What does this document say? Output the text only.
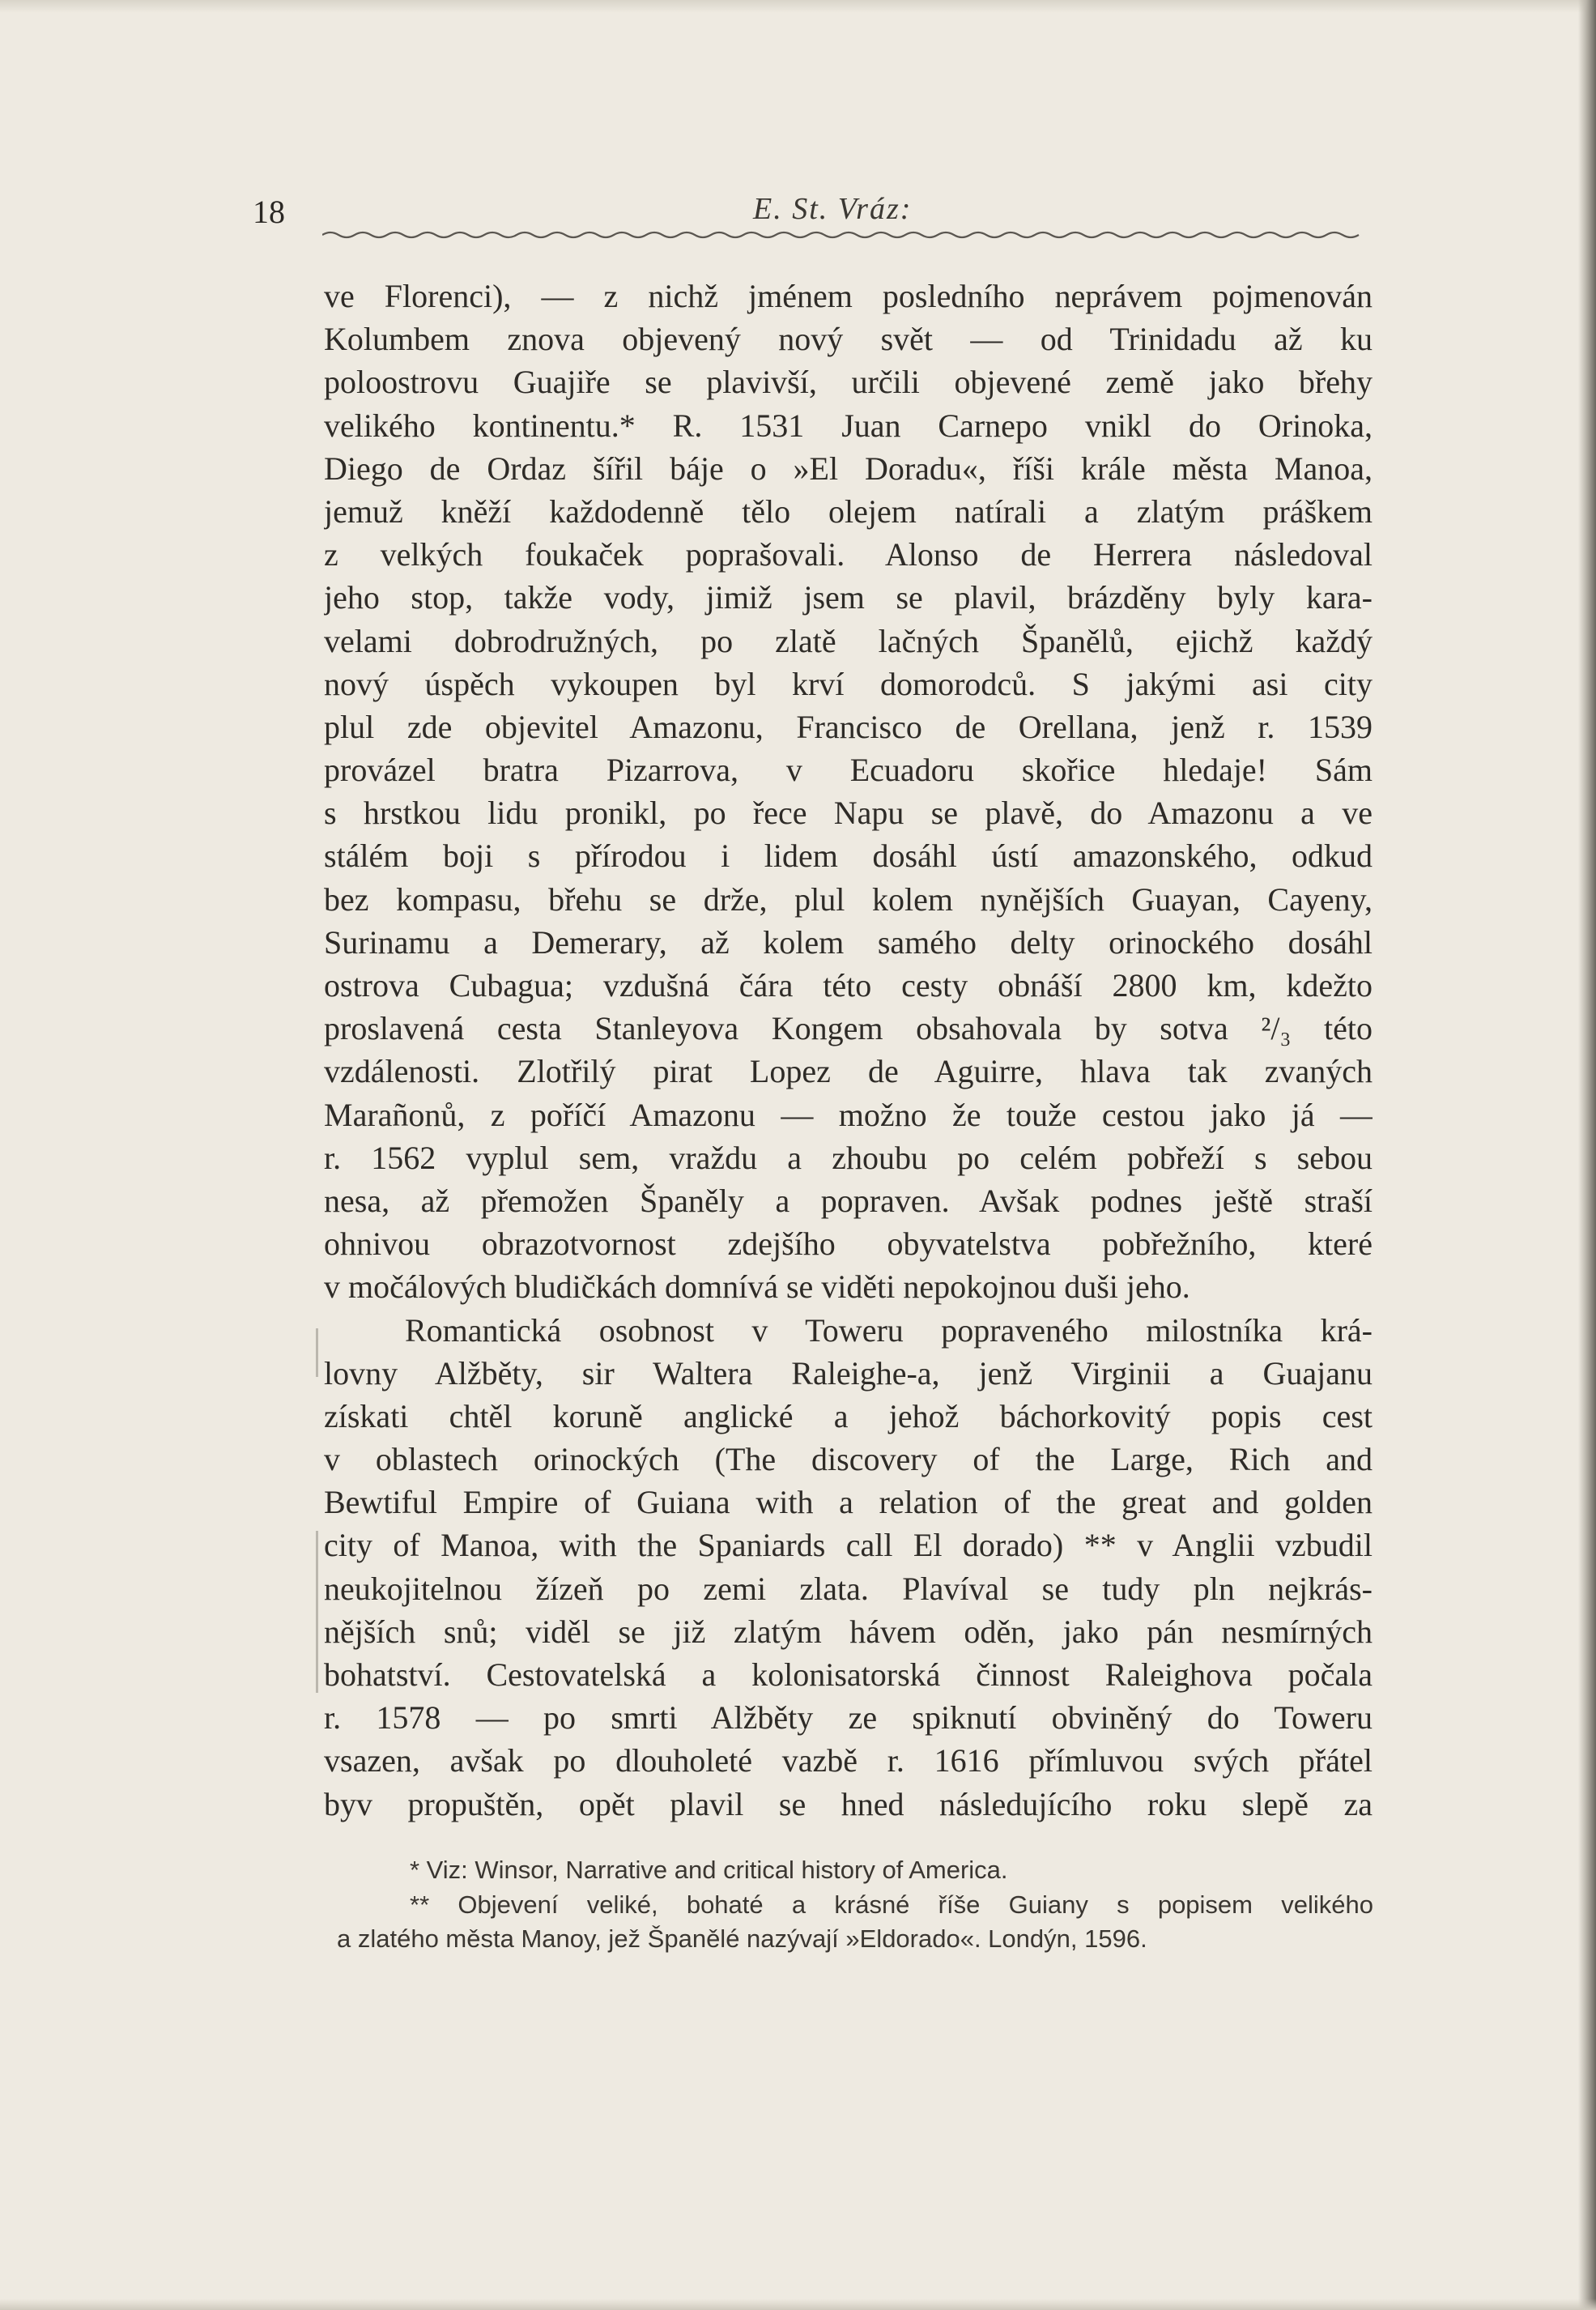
18	E. St. Vráz:
ve Florenci), — z nichž jménem posledního neprávem pojmenován
Kolumbem znova objevený nový svět — od Trinidadu až ku
poloostrovu Guajiře se plavivší, určili objevené země jako břehy
velikého kontinentu.* R. 1531 Juan Carnepo vnikl do Orinoka,
Diego de Ordaz šířil báje o »El Doradu«, říši krále města Manoa,
jemuž kněží každodenně tělo olejem natírali a zlatým práškem
z velkých foukaček poprašovali. Alonso de Herrera následoval
jeho stop, takže vody, jimiž jsem se plavil, brázděny byly kara-
velami dobrodružných, po zlatě lačných Španělů, ejichž každý
nový úspěch vykoupen byl krví domorodců. S jakými asi city
plul zde objevitel Amazonu, Francisco de Orellana, jenž r. 1539
provázel bratra Pizarrova, v Ecuadoru skořice hledaje! Sám
s hrstkou lidu pronikl, po řece Napu se plavě, do Amazonu a ve
stálém boji s přírodou i lidem dosáhl ústí amazonského, odkud
bez kompasu, břehu se drže, plul kolem nynějších Guayan, Cayeny,
Surinamu a Demerary, až kolem samého delty orinockého dosáhl
ostrova Cubagua; vzdušná čára této cesty obnáší 2800 km, kdežto
proslavená cesta Stanleyova Kongem obsahovala by sotva ²/₃ této
vzdálenosti. Zlotřilý pirat Lopez de Aguirre, hlava tak zvaných
Marañonů, z poříčí Amazonu — možno že touže cestou jako já —
r. 1562 vyplul sem, vraždu a zhoubu po celém pobřeží s sebou
nesa, až přemožen Španěly a popraven. Avšak podnes ještě straší
ohnivou obrazotvornost zdejšího obyvatelstva pobřežního, které
v močálových bludičkách domnívá se viděti nepokojnou duši jeho.
Romantická osobnost v Toweru popraveného milostníka krá-
lovny Alžběty, sir Waltera Raleighe-a, jenž Virginii a Guajanu
získati chtěl koruně anglické a jehož báchorkovitý popis cest
v oblastech orinockých (The discovery of the Large, Rich and
Bewtiful Empire of Guiana with a relation of the great and golden
city of Manoa, with the Spaniards call El dorado) ** v Anglii vzbudil
neukojitelnou žízeň po zemi zlata. Plavíval se tudy pln nejkrás-
nějších snů; viděl se již zlatým hávem oděn, jako pán nesmírných
bohatství. Cestovatelská a kolonisatorská činnost Raleighova počala
r. 1578 — po smrti Alžběty ze spiknutí obviněný do Toweru
vsazen, avšak po dlouholeté vazbě r. 1616 přímluvou svých přátel
byv propuštěn, opět plavil se hned následujícího roku slepě za
* Viz: Winsor, Narrative and critical history of America.
** Objevení veliké, bohaté a krásné říše Guiany s popisem velikého
a zlatého města Manoy, jež Španělé nazývají »Eldorado«. Londýn, 1596.
